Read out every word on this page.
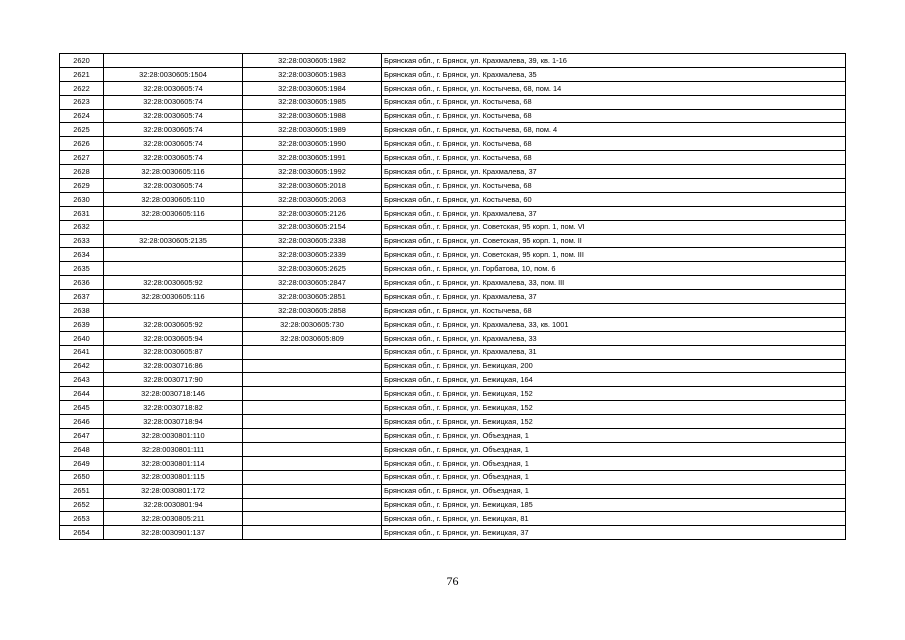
2620		32:28:0030605:1982	Брянская обл., г. Брянск, ул. Крахмалева, 39, кв. 1-16
2621	32:28:0030605:1504	32:28:0030605:1983	Брянская обл., г. Брянск, ул. Крахмалева, 35
2622	32:28:0030605:74	32:28:0030605:1984	Брянская обл., г. Брянск, ул. Костычева, 68, пом. 14
2623	32:28:0030605:74	32:28:0030605:1985	Брянская обл., г. Брянск, ул. Костычева, 68
2624	32:28:0030605:74	32:28:0030605:1988	Брянская обл., г. Брянск, ул. Костычева, 68
2625	32:28:0030605:74	32:28:0030605:1989	Брянская обл., г. Брянск, ул. Костычева, 68, пом. 4
2626	32:28:0030605:74	32:28:0030605:1990	Брянская обл., г. Брянск, ул. Костычева, 68
2627	32:28:0030605:74	32:28:0030605:1991	Брянская обл., г. Брянск, ул. Костычева, 68
2628	32:28:0030605:116	32:28:0030605:1992	Брянская обл., г. Брянск, ул. Крахмалева, 37
2629	32:28:0030605:74	32:28:0030605:2018	Брянская обл., г. Брянск, ул. Костычева, 68
2630	32:28:0030605:110	32:28:0030605:2063	Брянская обл., г. Брянск, ул. Костычева, 60
2631	32:28:0030605:116	32:28:0030605:2126	Брянская обл., г. Брянск, ул. Крахмалева, 37
2632		32:28:0030605:2154	Брянская обл., г. Брянск, ул. Советская, 95 корп. 1, пом. VI
2633	32:28:0030605:2135	32:28:0030605:2338	Брянская обл., г. Брянск, ул. Советская, 95 корп. 1, пом. II
2634		32:28:0030605:2339	Брянская обл., г. Брянск, ул. Советская, 95 корп. 1, пом. III
2635		32:28:0030605:2625	Брянская обл., г. Брянск, ул. Горбатова, 10, пом. 6
2636	32:28:0030605:92	32:28:0030605:2847	Брянская обл., г. Брянск, ул. Крахмалева, 33, пом. III
2637	32:28:0030605:116	32:28:0030605:2851	Брянская обл., г. Брянск, ул. Крахмалева, 37
2638		32:28:0030605:2858	Брянская обл., г. Брянск, ул. Костычева, 68
2639	32:28:0030605:92	32:28:0030605:730	Брянская обл., г. Брянск, ул. Крахмалева, 33, кв. 1001
2640	32:28:0030605:94	32:28:0030605:809	Брянская обл., г. Брянск, ул. Крахмалева, 33
2641	32:28:0030605:87		Брянская обл., г. Брянск, ул. Крахмалева, 31
2642	32:28:0030716:86		Брянская обл., г. Брянск, ул. Бежицкая, 200
2643	32:28:0030717:90		Брянская обл., г. Брянск, ул. Бежицкая, 164
2644	32:28:0030718:146		Брянская обл., г. Брянск, ул. Бежицкая, 152
2645	32:28:0030718:82		Брянская обл., г. Брянск, ул. Бежицкая, 152
2646	32:28:0030718:94		Брянская обл., г. Брянск, ул. Бежицкая, 152
2647	32:28:0030801:110		Брянская обл., г. Брянск, ул. Объездная, 1
2648	32:28:0030801:111		Брянская обл., г. Брянск, ул. Объездная, 1
2649	32:28:0030801:114		Брянская обл., г. Брянск, ул. Объездная, 1
2650	32:28:0030801:115		Брянская обл., г. Брянск, ул. Объездная, 1
2651	32:28:0030801:172		Брянская обл., г. Брянск, ул. Объездная, 1
2652	32:28:0030801:94		Брянская обл., г. Брянск, ул. Бежицкая, 185
2653	32:28:0030805:211		Брянская обл., г. Брянск, ул. Бежицкая, 81
2654	32:28:0030901:137		Брянская обл., г. Брянск, ул. Бежицкая, 37
76
